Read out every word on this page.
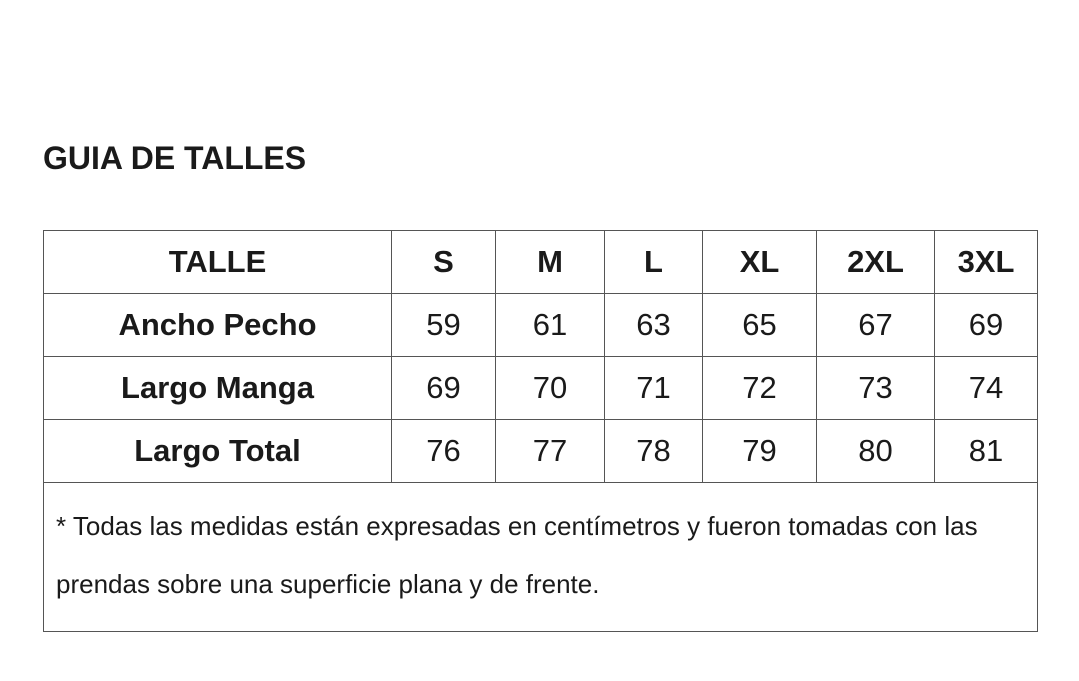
GUIA DE TALLES
TALLE	S	M	L	XL	2XL	3XL
Ancho Pecho	59	61	63	65	67	69
Largo Manga	69	70	71	72	73	74
Largo Total	76	77	78	79	80	81
* Todas las medidas están expresadas en centímetros y fueron tomadas con las prendas sobre una superficie plana y de frente.						
